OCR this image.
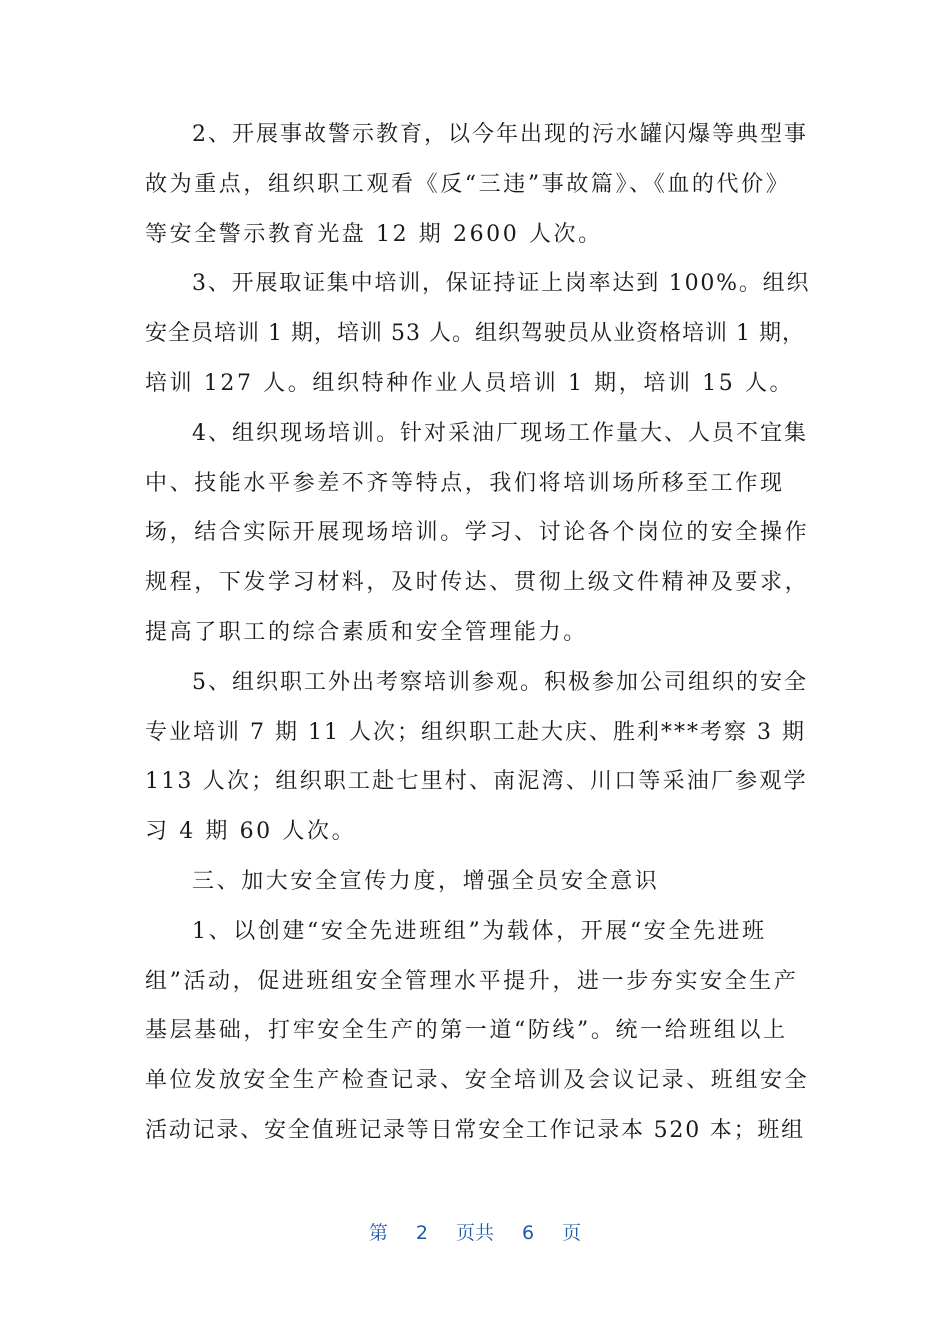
2、开展事故警示教育，以今年出现的污水罐闪爆等典型事
故为重点，组织职工观看《反“三违”事故篇》、《血的代价》
等安全警示教育光盘 12 期 2600 人次。
3、开展取证集中培训，保证持证上岗率达到 100%。组织
安全员培训 1 期，培训 53 人。组织驾驶员从业资格培训 1 期，
培训 127 人。组织特种作业人员培训 1 期，培训 15 人。
4、组织现场培训。针对采油厂现场工作量大、人员不宜集
中、技能水平参差不齐等特点，我们将培训场所移至工作现
场，结合实际开展现场培训。学习、讨论各个岗位的安全操作
规程，下发学习材料，及时传达、贯彻上级文件精神及要求，
提高了职工的综合素质和安全管理能力。
5、组织职工外出考察培训参观。积极参加公司组织的安全
专业培训 7 期 11 人次；组织职工赴大庆、胜利***考察 3 期
113 人次；组织职工赴七里村、南泥湾、川口等采油厂参观学
习 4 期 60 人次。
三、加大安全宣传力度，增强全员安全意识
1、以创建“安全先进班组”为载体，开展“安全先进班
组”活动，促进班组安全管理水平提升，进一步夯实安全生产
基层基础，打牢安全生产的第一道“防线”。统一给班组以上
单位发放安全生产检查记录、安全培训及会议记录、班组安全
活动记录、安全值班记录等日常安全工作记录本 520 本；班组
第 2 页共 6 页
